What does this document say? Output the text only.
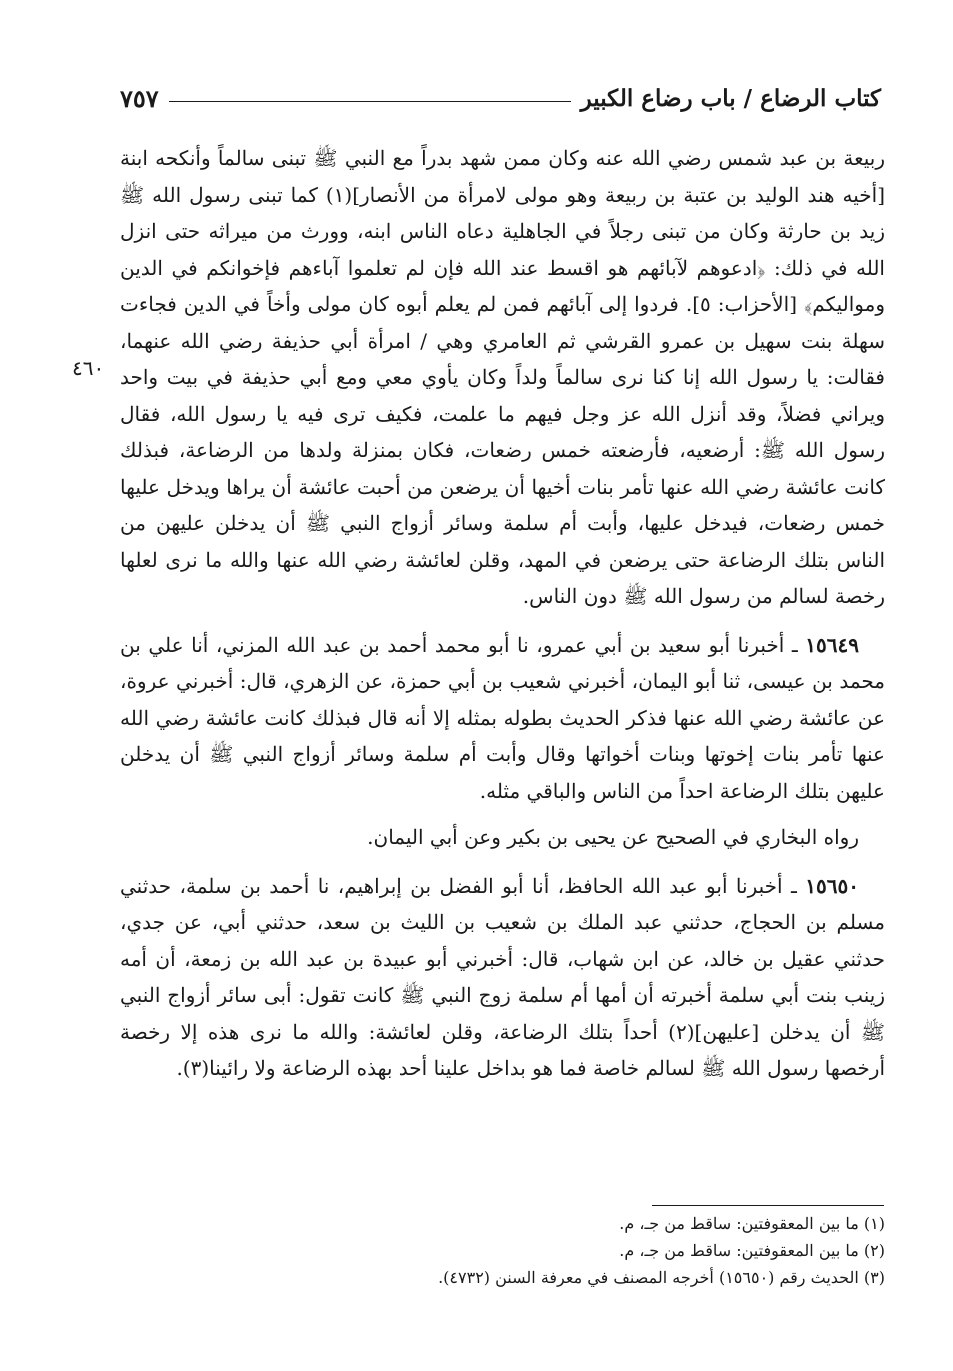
كتاب الرضاع / باب رضاع الكبير
٧٥٧
٤٦٠

ربيعة بن عبد شمس رضي الله عنه وكان ممن شهد بدراً مع النبي ﷺ تبنى سالماً وأنكحه ابنة [أخيه هند الوليد بن عتبة بن ربيعة وهو مولى لامرأة من الأنصار](١) كما تبنى رسول الله ﷺ زيد بن حارثة وكان من تبنى رجلاً في الجاهلية دعاه الناس ابنه، وورث من ميراثه حتى انزل الله في ذلك: ﴿ادعوهم لآبائهم هو اقسط عند الله فإن لم تعلموا آباءهم فإخوانكم في الدين ومواليكم﴾ [الأحزاب: ٥]. فردوا إلى آبائهم فمن لم يعلم أبوه كان مولى وأخاً في الدين فجاءت سهلة بنت سهيل بن عمرو القرشي ثم العامري وهي / امرأة أبي حذيفة رضي الله عنهما، فقالت: يا رسول الله إنا كنا نرى سالماً ولداً وكان يأوي معي ومع أبي حذيفة في بيت واحد ويراني فضلاً، وقد أنزل الله عز وجل فيهم ما علمت، فكيف ترى فيه يا رسول الله، فقال رسول الله ﷺ: أرضعيه، فأرضعته خمس رضعات، فكان بمنزلة ولدها من الرضاعة، فبذلك كانت عائشة رضي الله عنها تأمر بنات أخيها أن يرضعن من أحبت عائشة أن يراها ويدخل عليها خمس رضعات، فيدخل عليها، وأبت أم سلمة وسائر أزواج النبي ﷺ أن يدخلن عليهن من الناس بتلك الرضاعة حتى يرضعن في المهد، وقلن لعائشة رضي الله عنها والله ما نرى لعلها رخصة لسالم من رسول الله ﷺ دون الناس.

١٥٦٤٩ ـ أخبرنا أبو سعيد بن أبي عمرو، نا أبو محمد أحمد بن عبد الله المزني، أنا علي بن محمد بن عيسى، ثنا أبو اليمان، أخبرني شعيب بن أبي حمزة، عن الزهري، قال: أخبرني عروة، عن عائشة رضي الله عنها فذكر الحديث بطوله بمثله إلا أنه قال فبذلك كانت عائشة رضي الله عنها تأمر بنات إخوتها وبنات أخواتها وقال وأبت أم سلمة وسائر أزواج النبي ﷺ أن يدخلن عليهن بتلك الرضاعة احداً من الناس والباقي مثله.

رواه البخاري في الصحيح عن يحيى بن بكير وعن أبي اليمان.

١٥٦٥٠ ـ أخبرنا أبو عبد الله الحافظ، أنا أبو الفضل بن إبراهيم، نا أحمد بن سلمة، حدثني مسلم بن الحجاج، حدثني عبد الملك بن شعيب بن الليث بن سعد، حدثني أبي، عن جدي، حدثني عقيل بن خالد، عن ابن شهاب، قال: أخبرني أبو عبيدة بن عبد الله بن زمعة، أن أمه زينب بنت أبي سلمة أخبرته أن أمها أم سلمة زوج النبي ﷺ كانت تقول: أبى سائر أزواج النبي ﷺ أن يدخلن [عليهن](٢) أحداً بتلك الرضاعة، وقلن لعائشة: والله ما نرى هذه إلا رخصة أرخصها رسول الله ﷺ لسالم خاصة فما هو بداخل علينا أحد بهذه الرضاعة ولا رائينا(٣).

(١) ما بين المعقوفتين: ساقط من جـ، م.

(٢) ما بين المعقوفتين: ساقط من جـ، م.

(٣) الحديث رقم (١٥٦٥٠) أخرجه المصنف في معرفة السنن (٤٧٣٢).
